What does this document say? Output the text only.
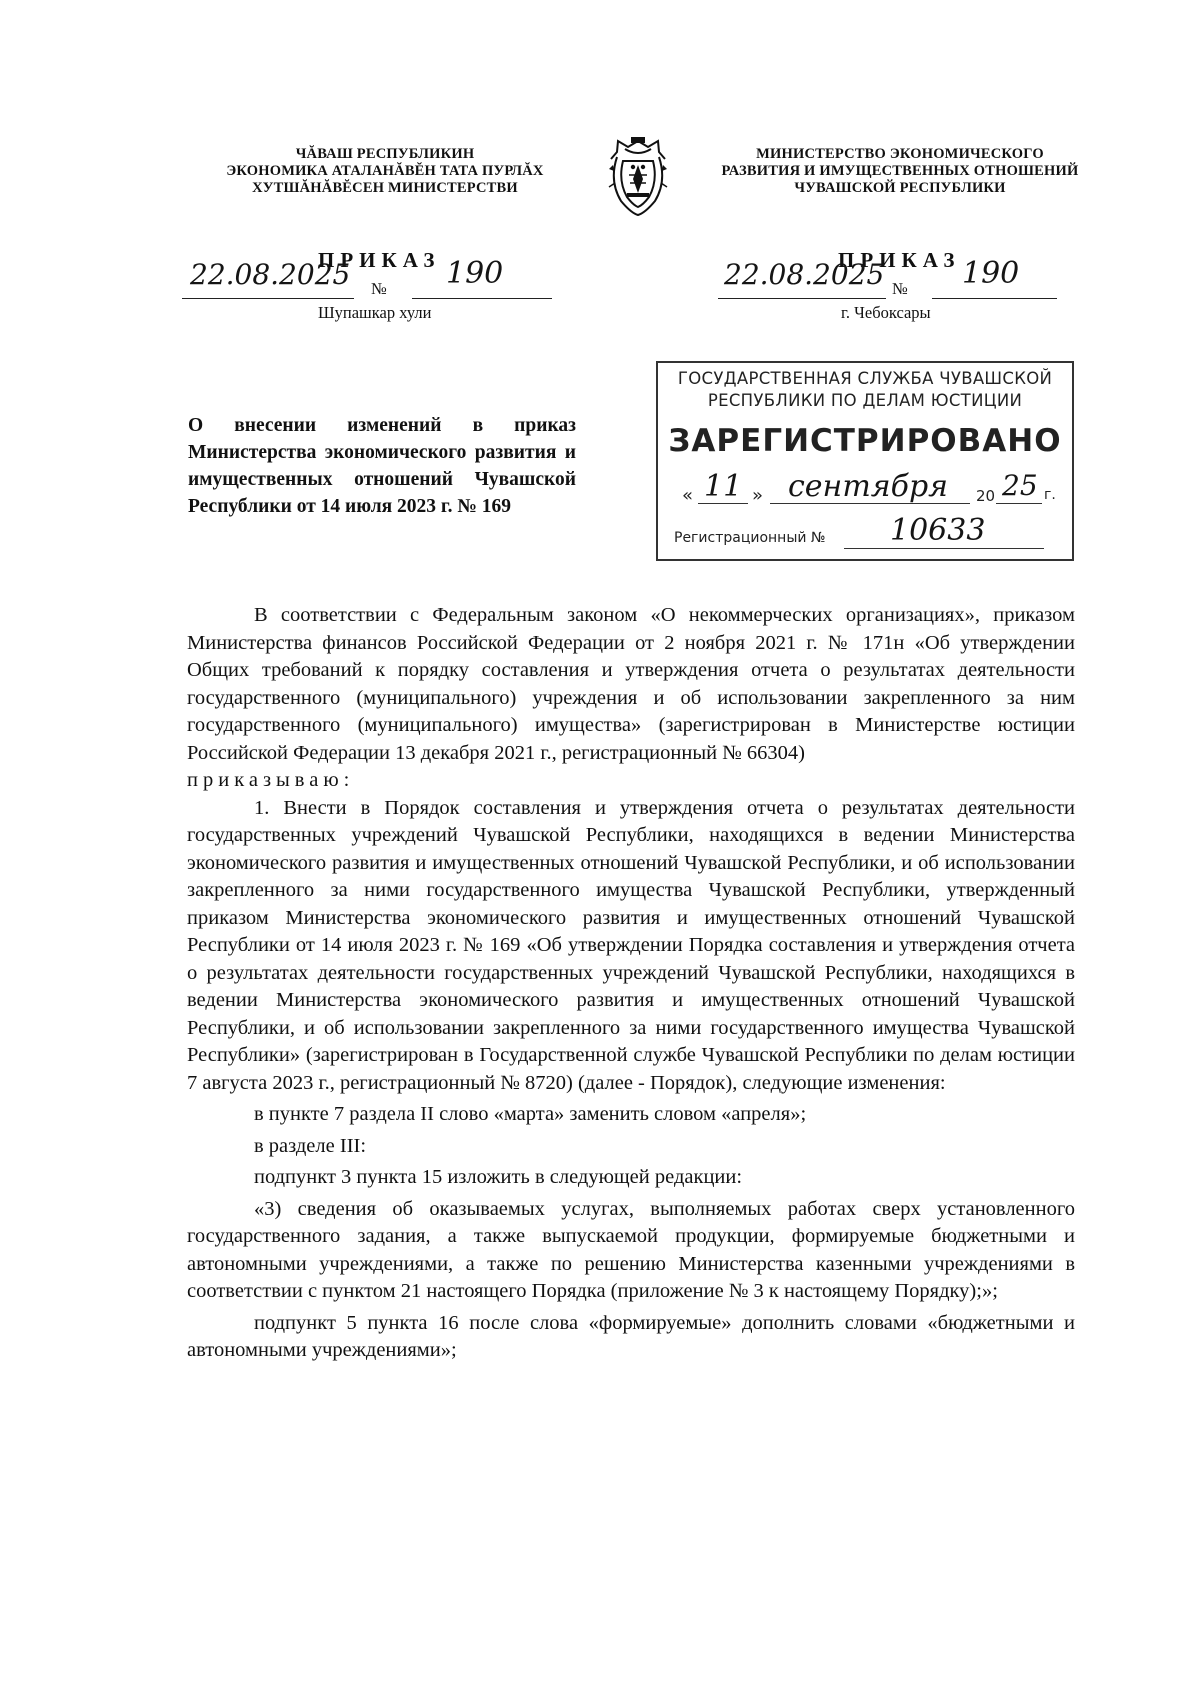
ЧĂВАШ РЕСПУБЛИКИН
ЭКОНОМИКА АТАЛАНĂВĔН ТАТА ПУРЛĂХ
ХУТШĂНĂВĔСЕН МИНИСТЕРСТВИ
МИНИСТЕРСТВО ЭКОНОМИЧЕСКОГО
РАЗВИТИЯ И ИМУЩЕСТВЕННЫХ ОТНОШЕНИЙ
ЧУВАШСКОЙ РЕСПУБЛИКИ
ПРИКАЗ
22.08.2025 № 190
Шупашкар хули
ПРИКАЗ
22.08.2025 № 190
г. Чебоксары
ГОСУДАРСТВЕННАЯ СЛУЖБА ЧУВАШСКОЙ
РЕСПУБЛИКИ ПО ДЕЛАМ ЮСТИЦИИ
ЗАРЕГИСТРИРОВАНО
« 11 » сентября 20 25 г.
Регистрационный № 10633
О внесении изменений в приказ Министерства экономического развития и имущественных отношений Чувашской Республики от 14 июля 2023 г. № 169

В соответствии с Федеральным законом «О некоммерческих организациях», приказом Министерства финансов Российской Федерации от 2 ноября 2021 г. № 171н «Об утверждении Общих требований к порядку составления и утверждения отчета о результатах деятельности государственного (муниципального) учреждения и об использовании закрепленного за ним государственного (муниципального) имущества» (зарегистрирован в Министерстве юстиции Российской Федерации 13 декабря 2021 г., регистрационный № 66304)

приказываю:

1. Внести в Порядок составления и утверждения отчета о результатах деятельности государственных учреждений Чувашской Республики, находящихся в ведении Министерства экономического развития и имущественных отношений Чувашской Республики, и об использовании закрепленного за ними государственного имущества Чувашской Республики, утвержденный приказом Министерства экономического развития и имущественных отношений Чувашской Республики от 14 июля 2023 г. № 169 «Об утверждении Порядка составления и утверждения отчета о результатах деятельности государственных учреждений Чувашской Республики, находящихся в ведении Министерства экономического развития и имущественных отношений Чувашской Республики, и об использовании закрепленного за ними государственного имущества Чувашской Республики» (зарегистрирован в Государственной службе Чувашской Республики по делам юстиции 7 августа 2023 г., регистрационный № 8720) (далее - Порядок), следующие изменения:

в пункте 7 раздела II слово «марта» заменить словом «апреля»;

в разделе III:

подпункт 3 пункта 15 изложить в следующей редакции:

«3) сведения об оказываемых услугах, выполняемых работах сверх установленного государственного задания, а также выпускаемой продукции, формируемые бюджетными и автономными учреждениями, а также по решению Министерства казенными учреждениями в соответствии с пунктом 21 настоящего Порядка (приложение № 3 к настоящему Порядку);»;

подпункт 5 пункта 16 после слова «формируемые» дополнить словами «бюджетными и автономными учреждениями»;
